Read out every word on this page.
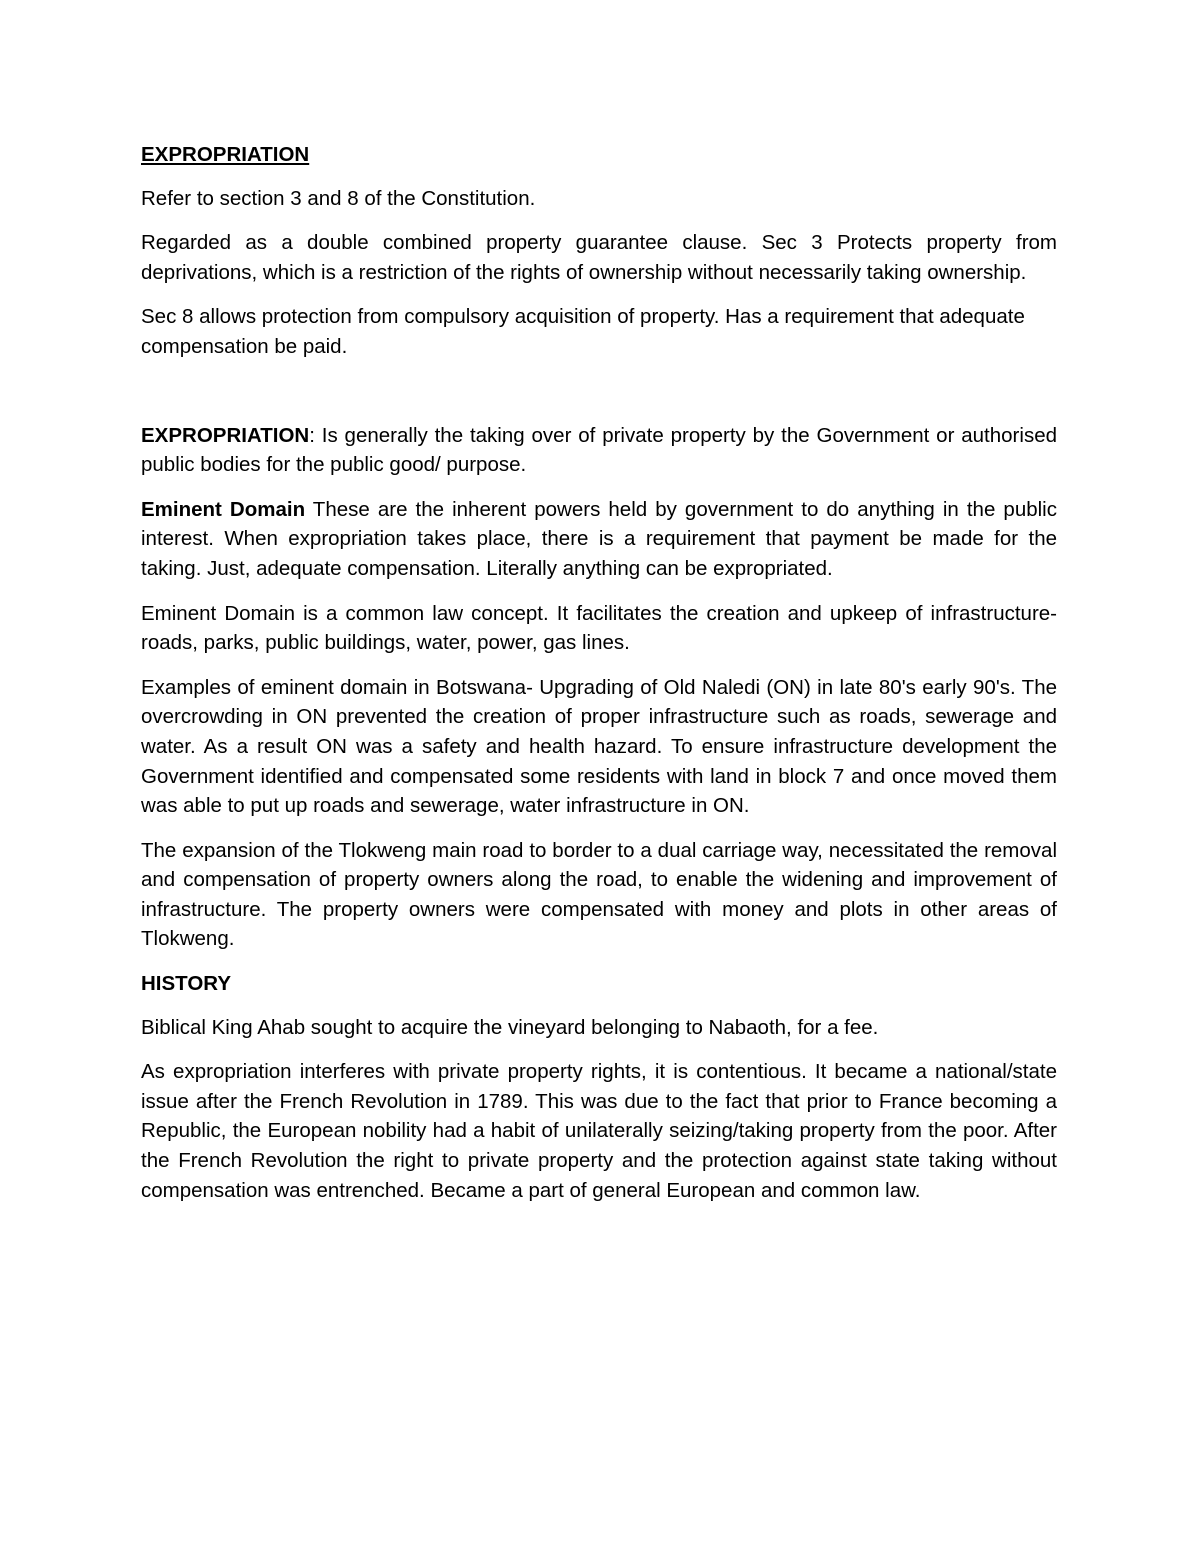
EXPROPRIATION

Refer to section 3 and 8 of the Constitution.

Regarded as a double combined property guarantee clause. Sec 3 Protects property from deprivations, which is a restriction of the rights of ownership without necessarily taking ownership.

Sec 8 allows protection from compulsory acquisition of property. Has a requirement that adequate compensation be paid.

EXPROPRIATION: Is generally the taking over of private property by the Government or authorised public bodies for the public good/ purpose.

Eminent Domain These are the inherent powers held by government to do anything in the public interest. When expropriation takes place, there is a requirement that payment be made for the taking. Just, adequate compensation. Literally anything can be expropriated.

Eminent Domain is a common law concept. It facilitates the creation and upkeep of infrastructure- roads, parks, public buildings, water, power, gas lines.

Examples of eminent domain in Botswana- Upgrading of Old Naledi (ON) in late 80's early 90's. The overcrowding in ON prevented the creation of proper infrastructure such as roads, sewerage and water. As a result ON was a safety and health hazard. To ensure infrastructure development the Government identified and compensated some residents with land in block 7 and once moved them was able to put up roads and sewerage, water infrastructure in ON.

The expansion of the Tlokweng main road to border to a dual carriage way, necessitated the removal and compensation of property owners along the road, to enable the widening and improvement of infrastructure. The property owners were compensated with money and plots in other areas of Tlokweng.

HISTORY

Biblical King Ahab sought to acquire the vineyard belonging to Nabaoth, for a fee.

As expropriation interferes with private property rights, it is contentious. It became a national/state issue after the French Revolution in 1789. This was due to the fact that prior to France becoming a Republic, the European nobility had a habit of unilaterally seizing/taking property from the poor. After the French Revolution the right to private property and the protection against state taking without compensation was entrenched. Became a part of general European and common law.
